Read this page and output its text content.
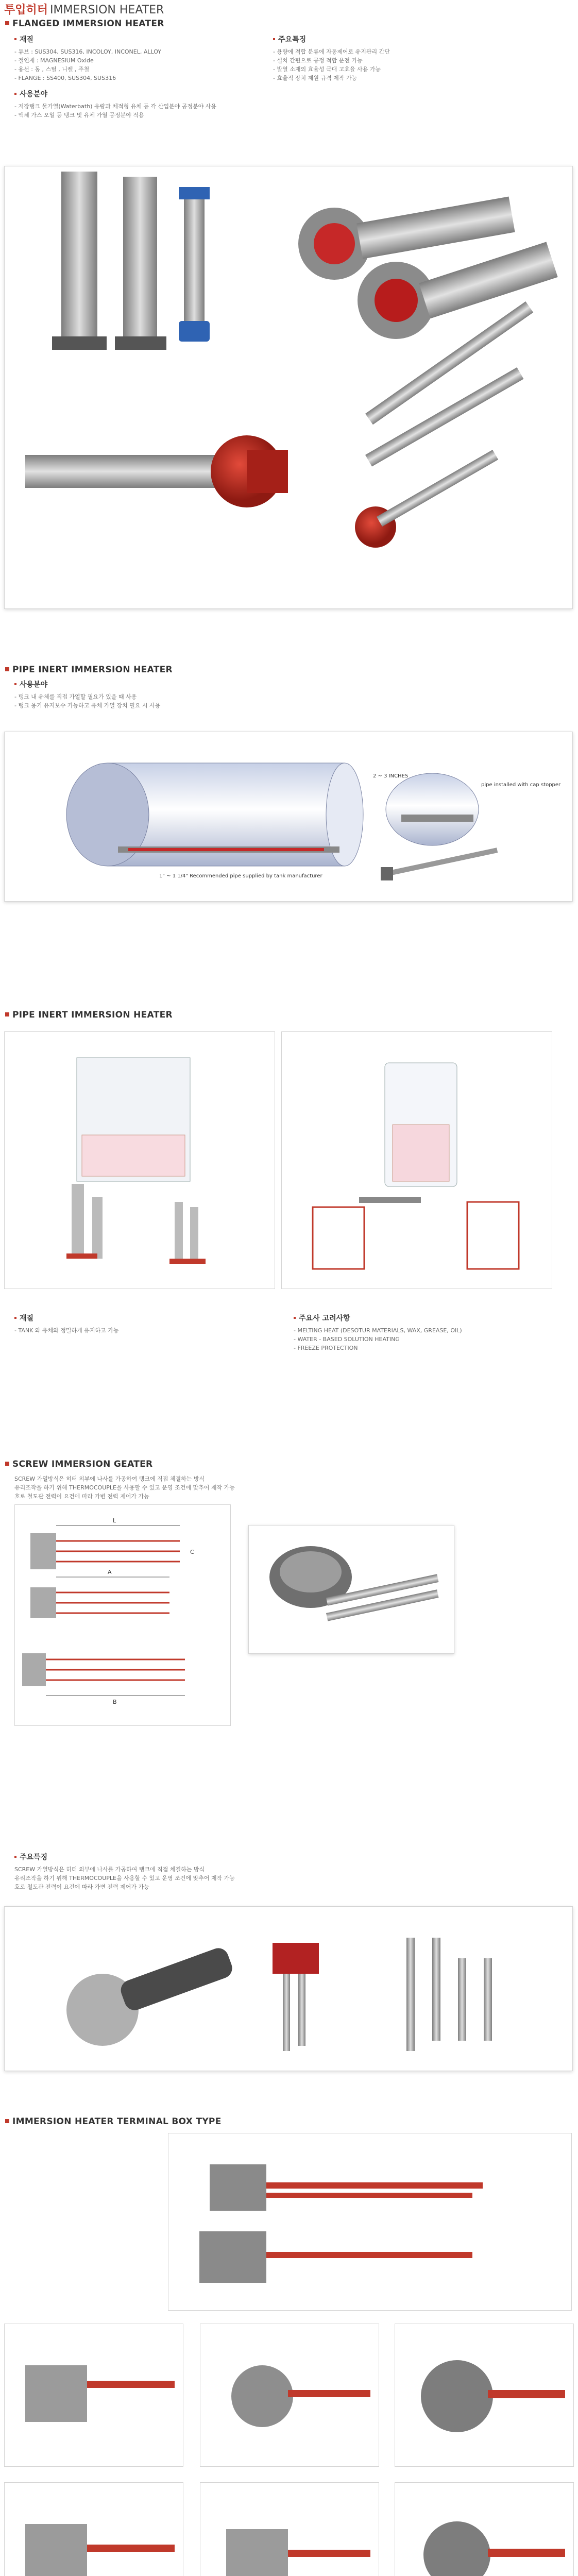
투입히터 IMMERSION HEATER
FLANGED IMMERSION HEATER
재질
- 튜브 : SUS304, SUS316, INCOLOY, INCONEL, ALLOY
- 절연재 : MAGNESIUM Oxide
- 용선 : 동 , 스틸 , 니켈 , 주철
- FLANGE : SS400, SUS304, SUS316
사용분야
- 저장탱크 물가열(Waterbath) 유량과 체적형 유체 등 각 산업분야 공정분야 사용
- 액체 가스 오일 등 탱크 및 유체 가열 공정분야 적용
주요특징
- 용량에 적합 분류에 자동제어로 유지관리 간단
- 설치 간편으로 공정 적합 운전 가능
- 발열 소재의 효율성 극대 고효율 사용 가능
- 효율적 장치 제원 규격 제작 가능
PIPE INERT IMMERSION HEATER
사용분야
- 탱크 내 유체를 직접 가열할 필요가 있을 때 사용
- 탱크 용기 유지보수 가능하고 유체 가열 장치 필요 시 사용
1" ~ 1 1/4" Recommended pipe supplied by tank manufacturer
2 ~ 3 INCHES
pipe installed with cap stopper
PIPE INERT IMMERSION HEATER
재질
- TANK 와 유체와 정밀하게 유지하고 가능
주요사 고려사항
- MELTING HEAT (DESOTUR MATERIALS, WAX, GREASE, OIL)
- WATER - BASED SOLUTION HEATING
- FREEZE PROTECTION
SCREW IMMERSION GEATER
SCREW 가열방식은 히터 외부에 나사를 가공하여 탱크에 직접 체결하는 방식
유리조작을 하기 위해 THERMOCOUPLE을 사용할 수 있고 운영 조건에 맞추어 제작 가능
호로 철도관 전력이 요건에 따라 가변 전력 제어가 가능
L
A
B
C
주요특징
SCREW 가열방식은 히터 외부에 나사를 가공하여 탱크에 직접 체결하는 방식
유리조작을 하기 위해 THERMOCOUPLE을 사용할 수 있고 운영 조건에 맞추어 제작 가능
호로 철도관 전력이 요건에 따라 가변 전력 제어가 가능
IMMERSION HEATER TERMINAL BOX TYPE
